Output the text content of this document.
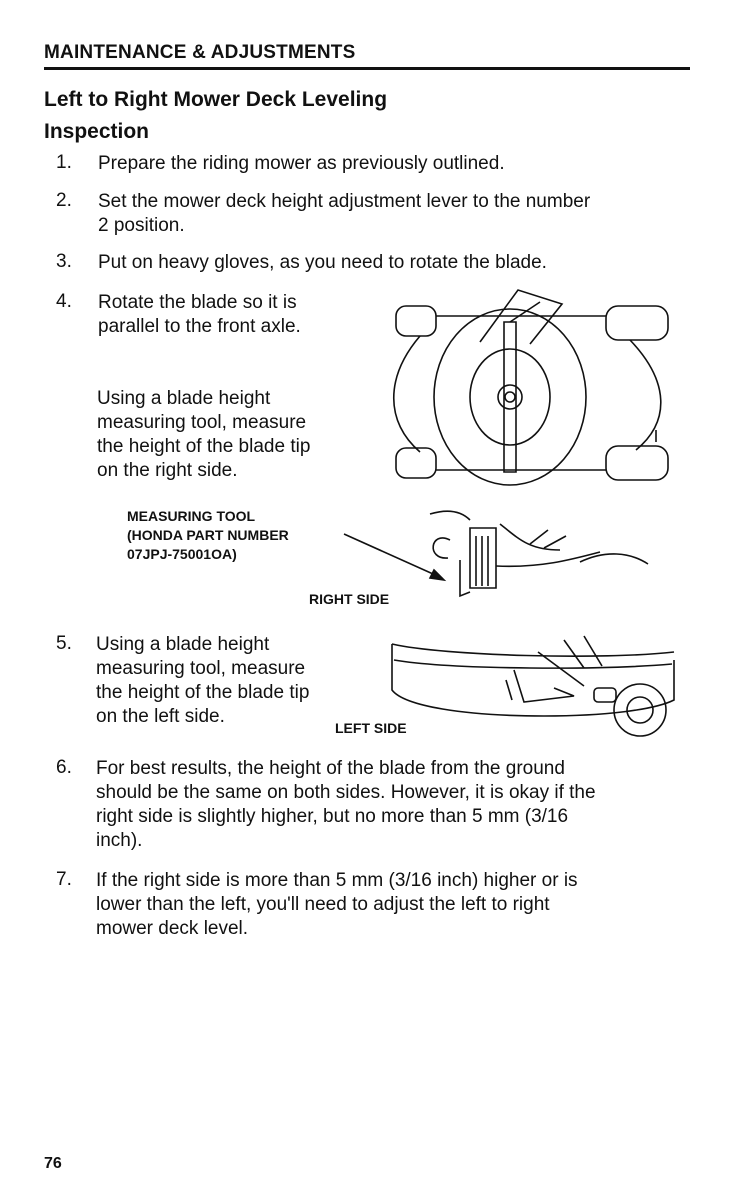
MAINTENANCE & ADJUSTMENTS
Left to Right Mower Deck Leveling
Inspection
1.	Prepare the riding mower as previously outlined.
2.	Set the mower deck height adjustment lever to the number
2 position.
3.	Put on heavy gloves, as you need to rotate the blade.
4.	Rotate the blade so it is
parallel to the front axle.
Using a blade height
measuring tool, measure
the height of the blade tip
on the right side.
MEASURING TOOL
(HONDA PART NUMBER
07JPJ-75001OA)
RIGHT SIDE
5.	Using a blade height
measuring tool, measure
the height of the blade tip
on the left side.
LEFT SIDE
6.	For best results, the height of the blade from the ground
should be the same on both sides. However, it is okay if the
right side is slightly higher, but no more than 5 mm (3/16
inch).
7.	If the right side is more than 5 mm (3/16 inch) higher or is
lower than the left, you'll need to adjust the left to right
mower deck level.
76
